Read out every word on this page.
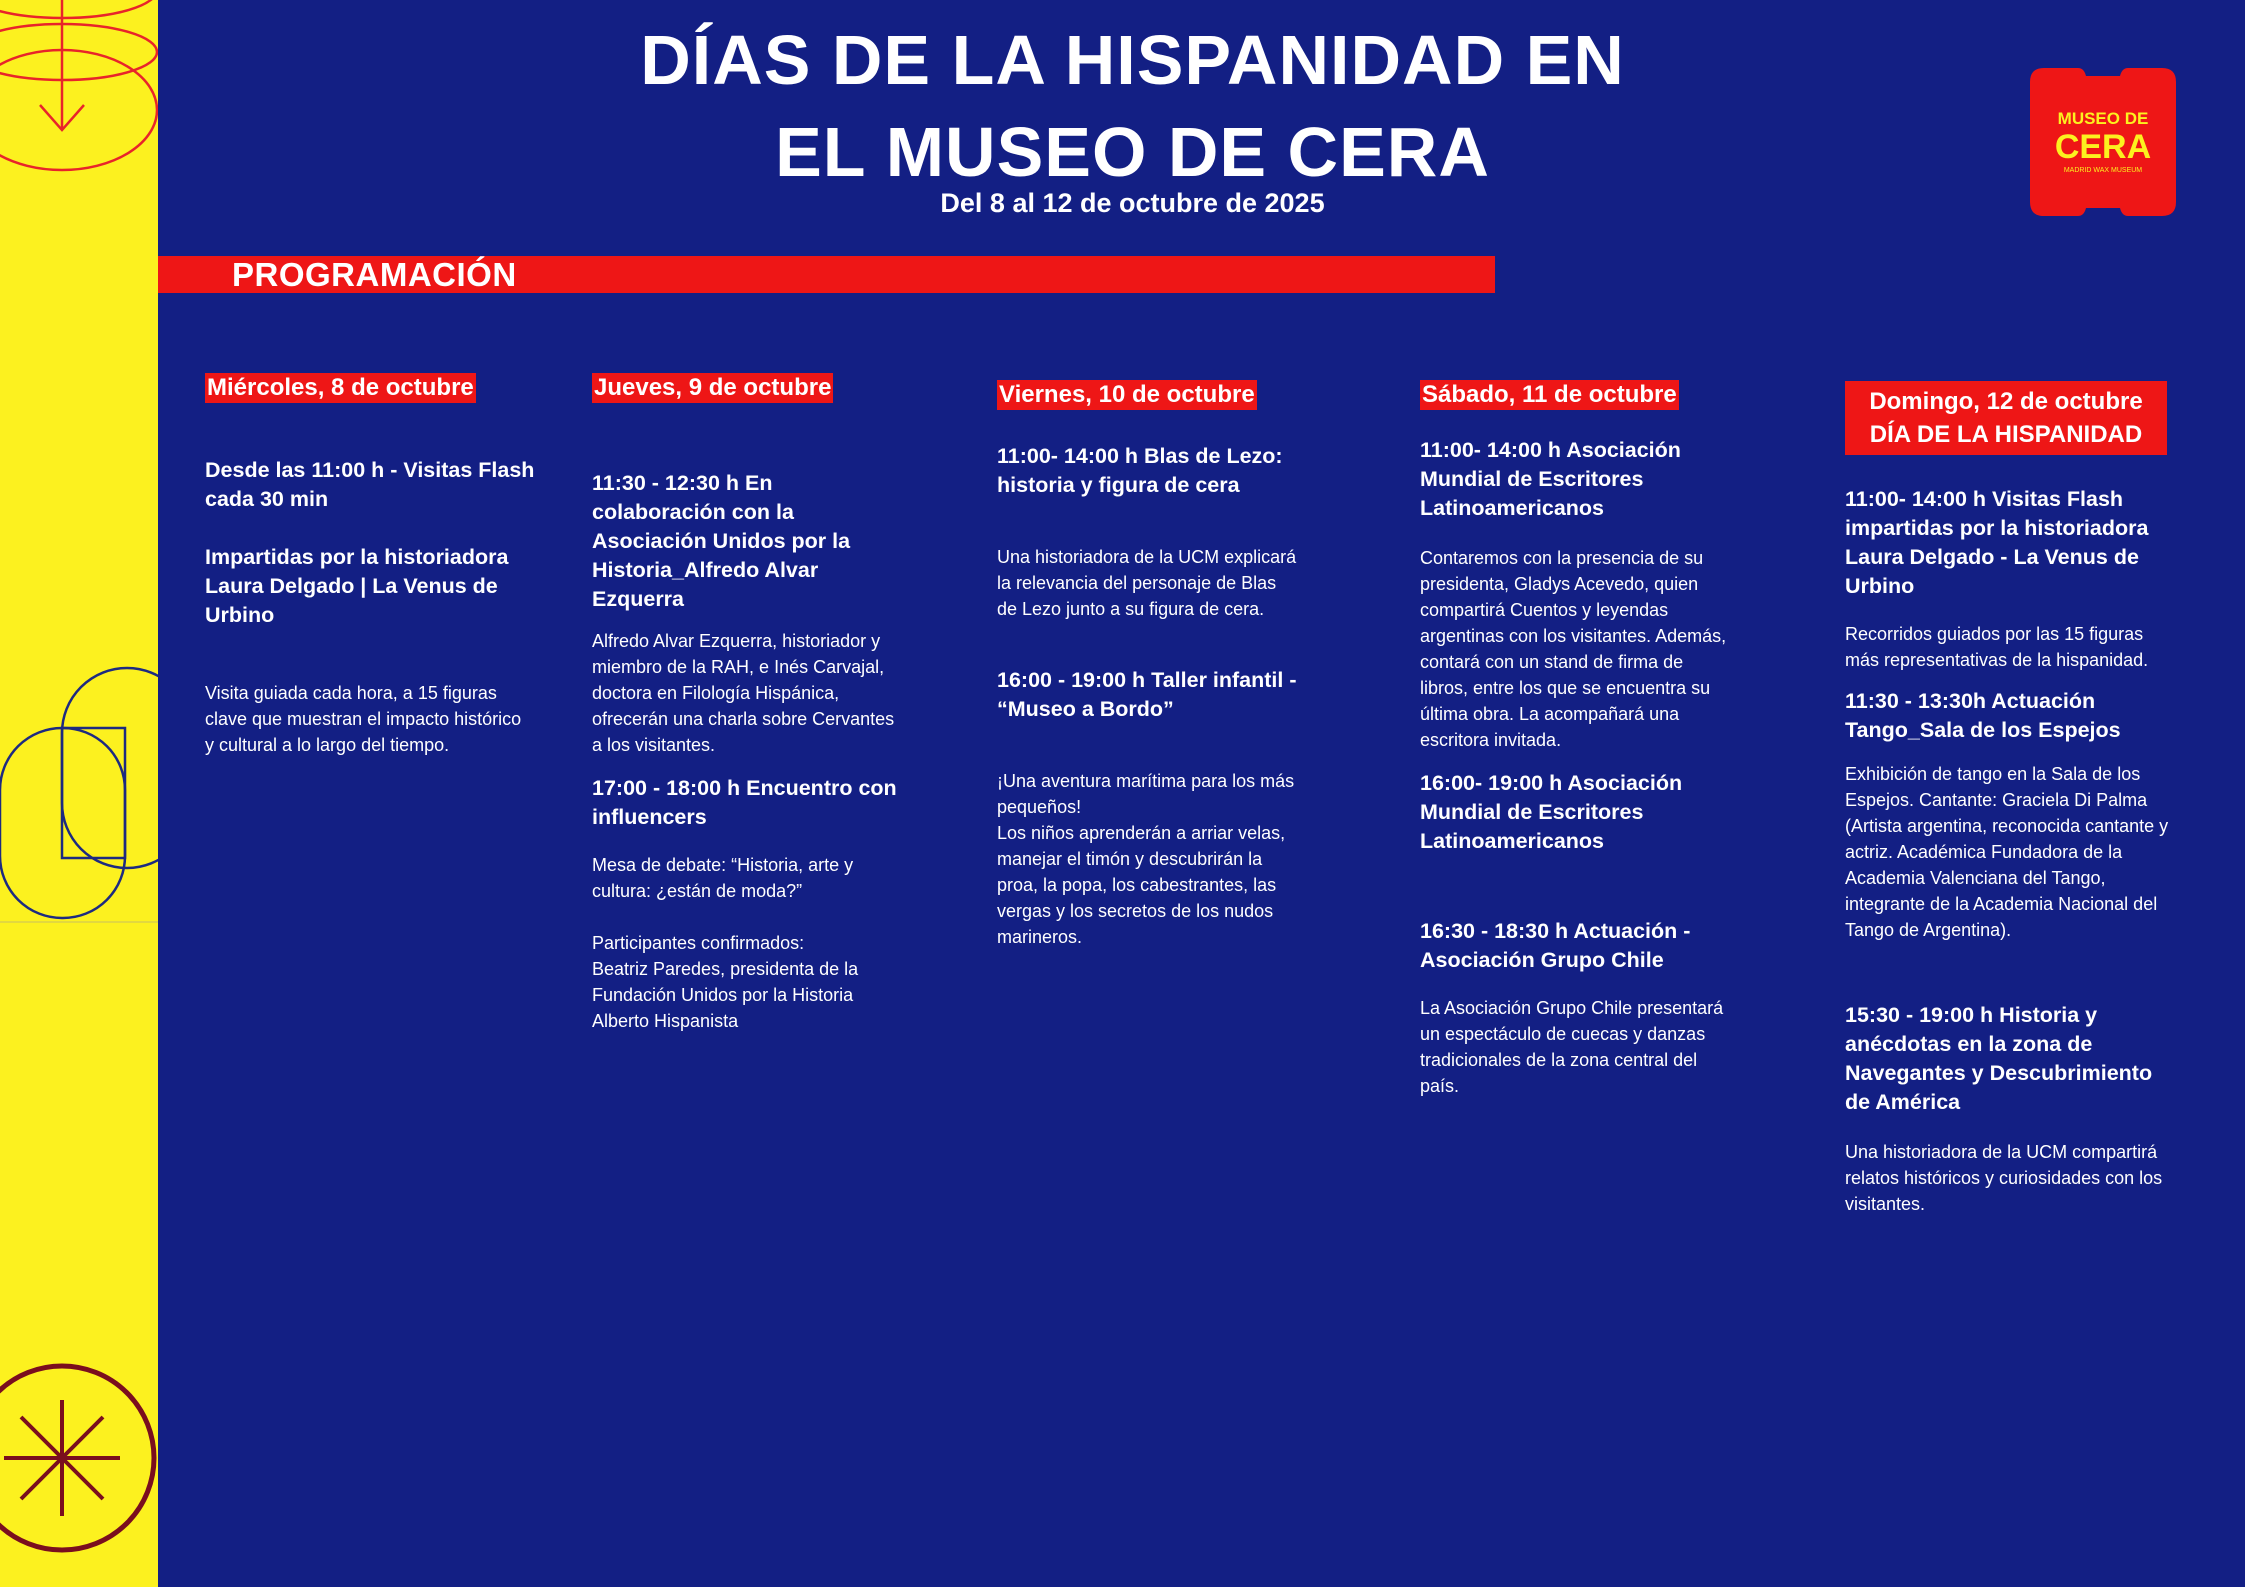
DÍAS DE LA HISPANIDAD EN
EL MUSEO DE CERA
Del 8 al 12 de octubre de 2025
MUSEO DE
CERA
MADRID WAX MUSEUM
PROGRAMACIÓN
Miércoles, 8 de octubre

Desde las 11:00 h - Visitas Flash cada 30 min

Impartidas por la historiadora Laura Delgado | La Venus de Urbino

Visita guiada cada hora, a 15 figuras clave que muestran el impacto histórico y cultural a lo largo del tiempo.

Jueves, 9 de octubre

11:30 - 12:30 h En colaboración con la Asociación Unidos por la Historia_Alfredo Alvar Ezquerra

Alfredo Alvar Ezquerra, historiador y miembro de la RAH, e Inés Carvajal, doctora en Filología Hispánica, ofrecerán una charla sobre Cervantes a los visitantes.

17:00 - 18:00 h Encuentro con influencers

Mesa de debate: “Historia, arte y cultura: ¿están de moda?”

Participantes confirmados:
Beatriz Paredes, presidenta de la Fundación Unidos por la Historia
Alberto Hispanista

Viernes, 10 de octubre

11:00- 14:00 h Blas de Lezo: historia y figura de cera

Una historiadora de la UCM explicará la relevancia del personaje de Blas de Lezo junto a su figura de cera.

16:00 - 19:00 h Taller infantil - “Museo a Bordo”

¡Una aventura marítima para los más pequeños!
Los niños aprenderán a arriar velas, manejar el timón y descubrirán la proa, la popa, los cabestrantes, las vergas y los secretos de los nudos marineros.

Sábado, 11 de octubre

11:00- 14:00 h Asociación Mundial de Escritores Latinoamericanos

Contaremos con la presencia de su presidenta, Gladys Acevedo, quien compartirá Cuentos y leyendas argentinas con los visitantes. Además, contará con un stand de firma de libros, entre los que se encuentra su última obra. La acompañará una escritora invitada.

16:00- 19:00 h Asociación Mundial de Escritores Latinoamericanos

16:30 - 18:30 h Actuación - Asociación Grupo Chile

La Asociación Grupo Chile presentará un espectáculo de cuecas y danzas tradicionales de la zona central del país.

Domingo, 12 de octubre
DÍA DE LA HISPANIDAD

11:00- 14:00 h Visitas Flash impartidas por la historiadora Laura Delgado - La Venus de Urbino

Recorridos guiados por las 15 figuras más representativas de la hispanidad.

11:30 - 13:30h Actuación Tango_Sala de los Espejos

Exhibición de tango en la Sala de los Espejos. Cantante: Graciela Di Palma (Artista argentina, reconocida cantante y actriz. Académica Fundadora de la Academia Valenciana del Tango, integrante de la Academia Nacional del Tango de Argentina).

15:30 - 19:00 h Historia y anécdotas en la zona de Navegantes y Descubrimiento de América

Una historiadora de la UCM compartirá relatos históricos y curiosidades con los visitantes.
